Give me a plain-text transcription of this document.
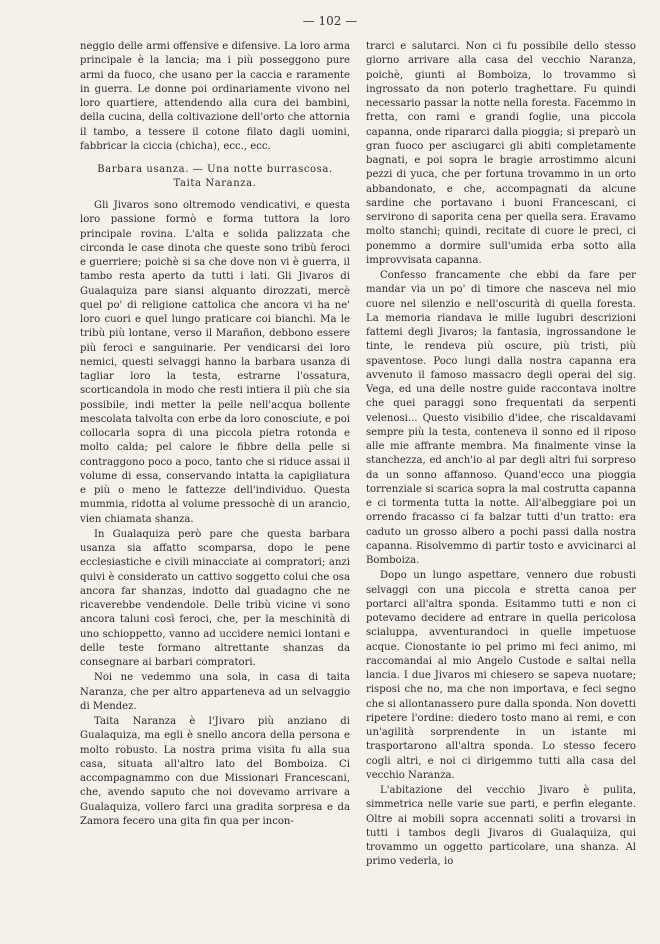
— 102 —

neggio delle armi offensive e difensive. La loro arma principale è la lancia; ma i più posseggono pure armi da fuoco, che usano per la caccia e raramente in guerra. Le donne poi ordinariamente vivono nel loro quartiere, attendendo alla cura dei bambini, della cucina, della coltivazione dell'orto che attornia il tambo, a tessere il cotone filato dagli uomini, fabbricar la ciccia (chicha), ecc., ecc.

Barbara usanza. — Una notte burrascosa.
Taita Naranza.

Gli Jivaros sono oltremodo vendicativi, e questa loro passione formò e forma tuttora la loro principale rovina. L'alta e solida palizzata che circonda le case dinota che queste sono tribù feroci e guerriere; poichè si sa che dove non vi è guerra, il tambo resta aperto da tutti i lati. Gli Jivaros di Gualaquiza pare siansi alquanto dirozzati, mercè quel po' di religione cattolica che ancora vi ha ne' loro cuori e quel lungo praticare coi bianchi. Ma le tribù più lontane, verso il Marañon, debbono essere più feroci e sanguinarie. Per vendicarsi dei loro nemici, questi selvaggi hanno la barbara usanza di tagliar loro la testa, estrarne l'ossatura, scorticandola in modo che resti intiera il più che sia possibile, indi metter la pelle nell'acqua bollente mescolata talvolta con erbe da loro conosciute, e poi collocarla sopra di una piccola pietra rotonda e molto calda; pel calore le fibbre della pelle si contraggono poco a poco, tanto che si riduce assai il volume di essa, conservando intatta la capigliatura e più o meno le fattezze dell'individuo. Questa mummia, ridotta al volume pressochè di un arancio, vien chiamata shanza.

In Gualaquiza però pare che questa barbara usanza sia affatto scomparsa, dopo le pene ecclesiastiche e civili minacciate ai compratori; anzi quivi è considerato un cattivo soggetto colui che osa ancora far shanzas, indotto dal guadagno che ne ricaverebbe vendendole. Delle tribù vicine vi sono ancora taluni così feroci, che, per la meschinità di uno schioppetto, vanno ad uccidere nemici lontani e delle teste formano altrettante shanzas da consegnare ai barbari compratori.

Noi ne vedemmo una sola, in casa di taita Naranza, che per altro apparteneva ad un selvaggio di Mendez.

Taita Naranza è l'Jivaro più anziano di Gualaquiza, ma egli è snello ancora della persona e molto robusto. La nostra prima visita fu alla sua casa, situata all'altro lato del Bomboiza. Ci accompagnammo con due Missionari Francescani, che, avendo saputo che noi dovevamo arrivare a Gualaquiza, vollero farci una gradita sorpresa e da Zamora fecero una gita fin qua per incon-

trarci e salutarci. Non ci fu possibile dello stesso giorno arrivare alla casa del vecchio Naranza, poichè, giunti al Bomboiza, lo trovammo sì ingrossato da non poterlo traghettare. Fu quindi necessario passar la notte nella foresta. Facemmo in fretta, con rami e grandi foglie, una piccola capanna, onde ripararci dalla pioggia; si preparò un gran fuoco per asciugarci gli abiti completamente bagnati, e poi sopra le bragie arrostimmo alcuni pezzi di yuca, che per fortuna trovammo in un orto abbandonato, e che, accompagnati da alcune sardine che portavano i buoni Francescani, ci servirono di saporita cena per quella sera. Eravamo molto stanchi; quindi, recitate di cuore le preci, ci ponemmo a dormire sull'umida erba sotto alla improvvisata capanna.

Confesso francamente che ebbi da fare per mandar via un po' di timore che nasceva nel mio cuore nel silenzio e nell'oscurità di quella foresta. La memoria riandava le mille lugubri descrizioni fattemi degli Jivaros; la fantasia, ingrossandone le tinte, le rendeva più oscure, più tristi, più spaventose. Poco lungi dalla nostra capanna era avvenuto il famoso massacro degli operai del sig. Vega, ed una delle nostre guide raccontava inoltre che quei paraggi sono frequentati da serpenti velenosi... Questo visibilio d'idee, che riscaldavami sempre più la testa, conteneva il sonno ed il riposo alle mie affrante membra. Ma finalmente vinse la stanchezza, ed anch'io al par degli altri fui sorpreso da un sonno affannoso. Quand'ecco una pioggia torrenziale si scarica sopra la mal costrutta capanna e ci tormenta tutta la notte. All'albeggiare poi un orrendo fracasso ci fa balzar tutti d'un tratto: era caduto un grosso albero a pochi passi dalla nostra capanna. Risolvemmo di partir tosto e avvicinarci al Bomboiza.

Dopo un lungo aspettare, vennero due robusti selvaggi con una piccola e stretta canoa per portarci all'altra sponda. Esitammo tutti e non ci potevamo decidere ad entrare in quella pericolosa scialuppa, avventurandoci in quelle impetuose acque. Cionostante io pel primo mi feci animo, mi raccomandai al mio Angelo Custode e saltai nella lancia. I due Jivaros mi chiesero se sapeva nuotare; risposi che no, ma che non importava, e feci segno che si allontanassero pure dalla sponda. Non dovetti ripetere l'ordine: diedero tosto mano ai remi, e con un'agilità sorprendente in un istante mi trasportarono all'altra sponda. Lo stesso fecero cogli altri, e noi ci dirigemmo tutti alla casa del vecchio Naranza.

L'abitazione del vecchio Jivaro è pulita, simmetrica nelle varie sue parti, e perfin elegante. Oltre ai mobili sopra accennati soliti a trovarsi in tutti i tambos degli Jivaros di Gualaquiza, qui trovammo un oggetto particolare, una shanza. Al primo vederla, io
